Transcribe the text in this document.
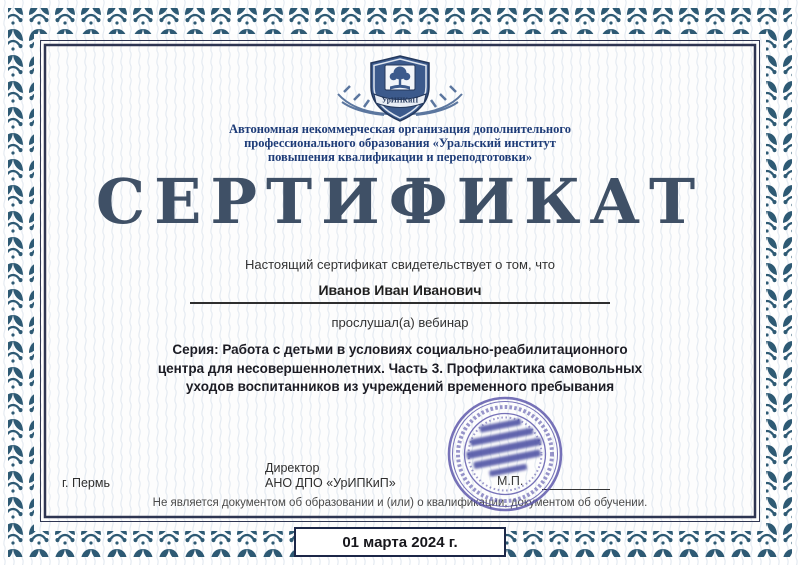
УрИПКиП
Автономная некоммерческая организация дополнительного
профессионального образования «Уральский институт
повышения квалификации и переподготовки»
СЕРТИФИКАТ
Настоящий сертификат свидетельствует о том, что
Иванов Иван Иванович
прослушал(а) вебинар
Серия: Работа с детьми в условиях социально-реабилитационного
центра для несовершеннолетних. Часть 3. Профилактика самовольных
уходов воспитанников из учреждений временного пребывания
г. Пермь
Директор
АНО ДПО «УрИПКиП»	М.П.
Не является документом об образовании и (или) о квалификации, документом об обучении.
01 марта 2024 г.
